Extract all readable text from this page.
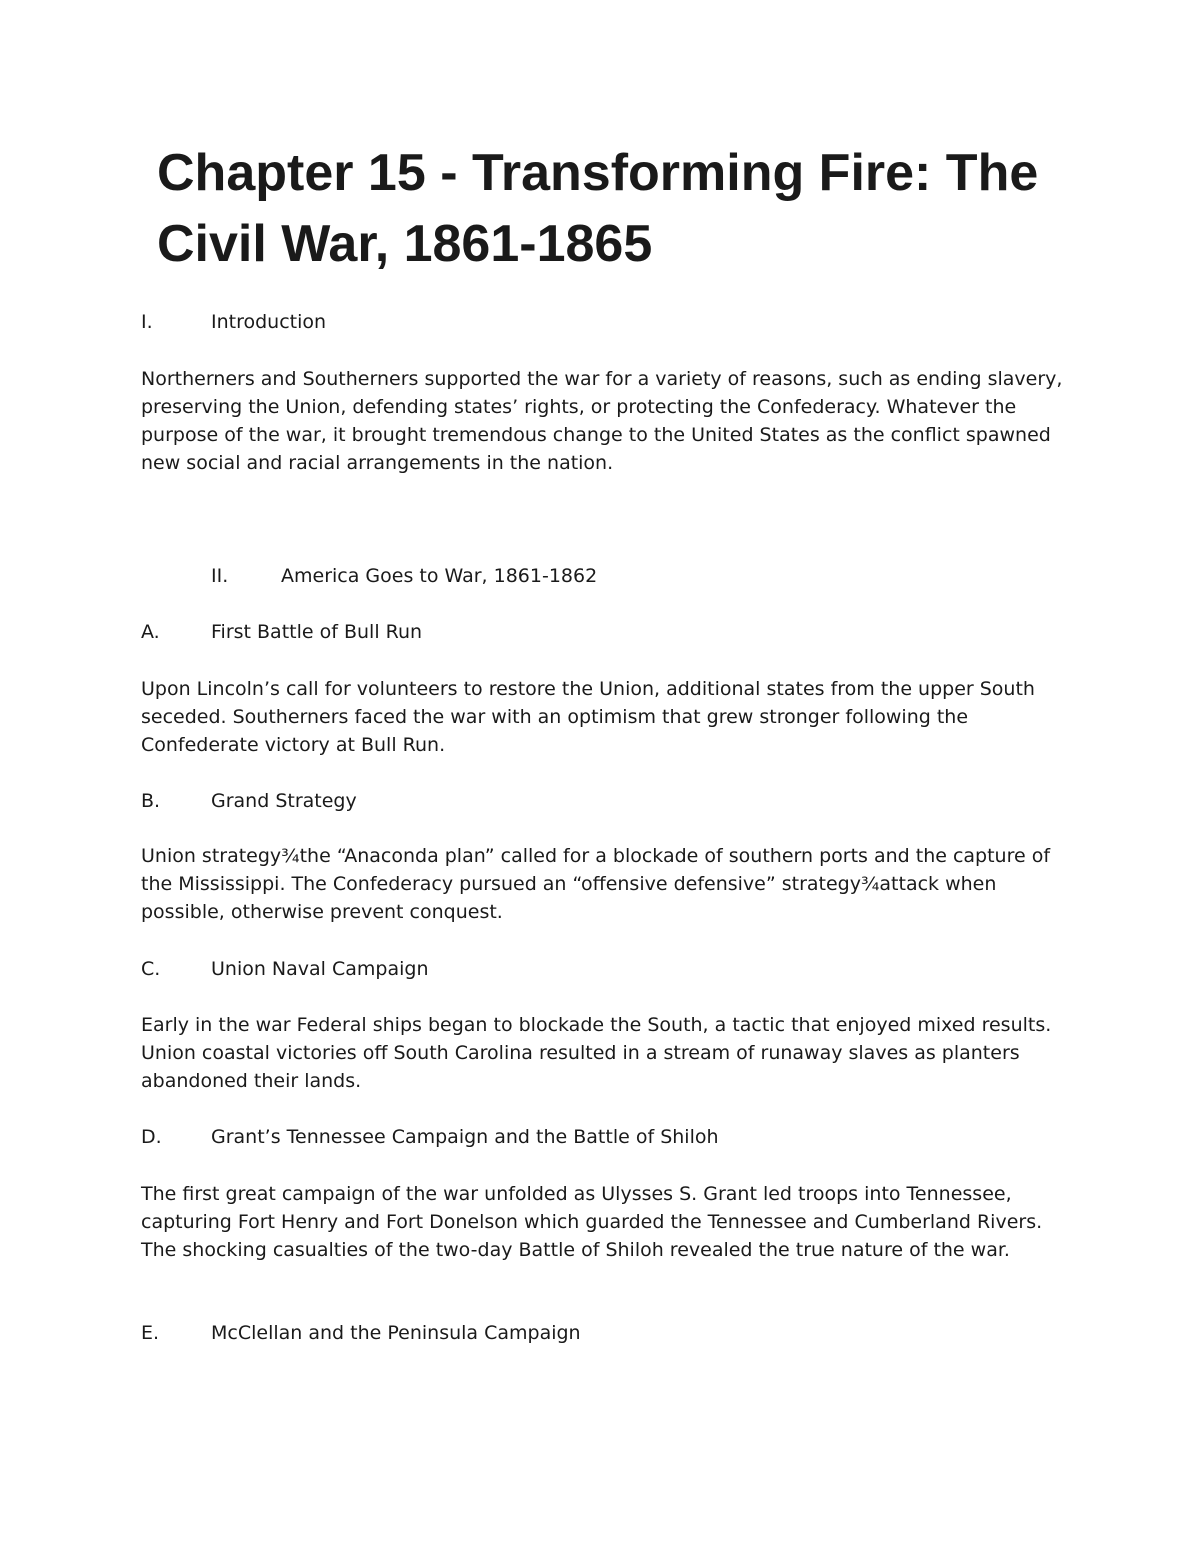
Chapter 15 - Transforming Fire: The Civil War, 1861-1865
I.	Introduction

Northerners and Southerners supported the war for a variety of reasons, such as ending slavery, preserving the Union, defending states’ rights, or protecting the Confederacy. Whatever the purpose of the war, it brought tremendous change to the United States as the conflict spawned new social and racial arrangements in the nation.

II.	America Goes to War, 1861-1862
A.	First Battle of Bull Run

Upon Lincoln’s call for volunteers to restore the Union, additional states from the upper South seceded. Southerners faced the war with an optimism that grew stronger following the Confederate victory at Bull Run.

B.	Grand Strategy

Union strategy¾the “Anaconda plan” called for a blockade of southern ports and the capture of the Mississippi. The Confederacy pursued an “offensive defensive” strategy¾attack when possible, otherwise prevent conquest.

C.	Union Naval Campaign

Early in the war Federal ships began to blockade the South, a tactic that enjoyed mixed results. Union coastal victories off South Carolina resulted in a stream of runaway slaves as planters abandoned their lands.

D.	Grant’s Tennessee Campaign and the Battle of Shiloh

The first great campaign of the war unfolded as Ulysses S. Grant led troops into Tennessee, capturing Fort Henry and Fort Donelson which guarded the Tennessee and Cumberland Rivers. The shocking casualties of the two-day Battle of Shiloh revealed the true nature of the war.

E.	McClellan and the Peninsula Campaign
